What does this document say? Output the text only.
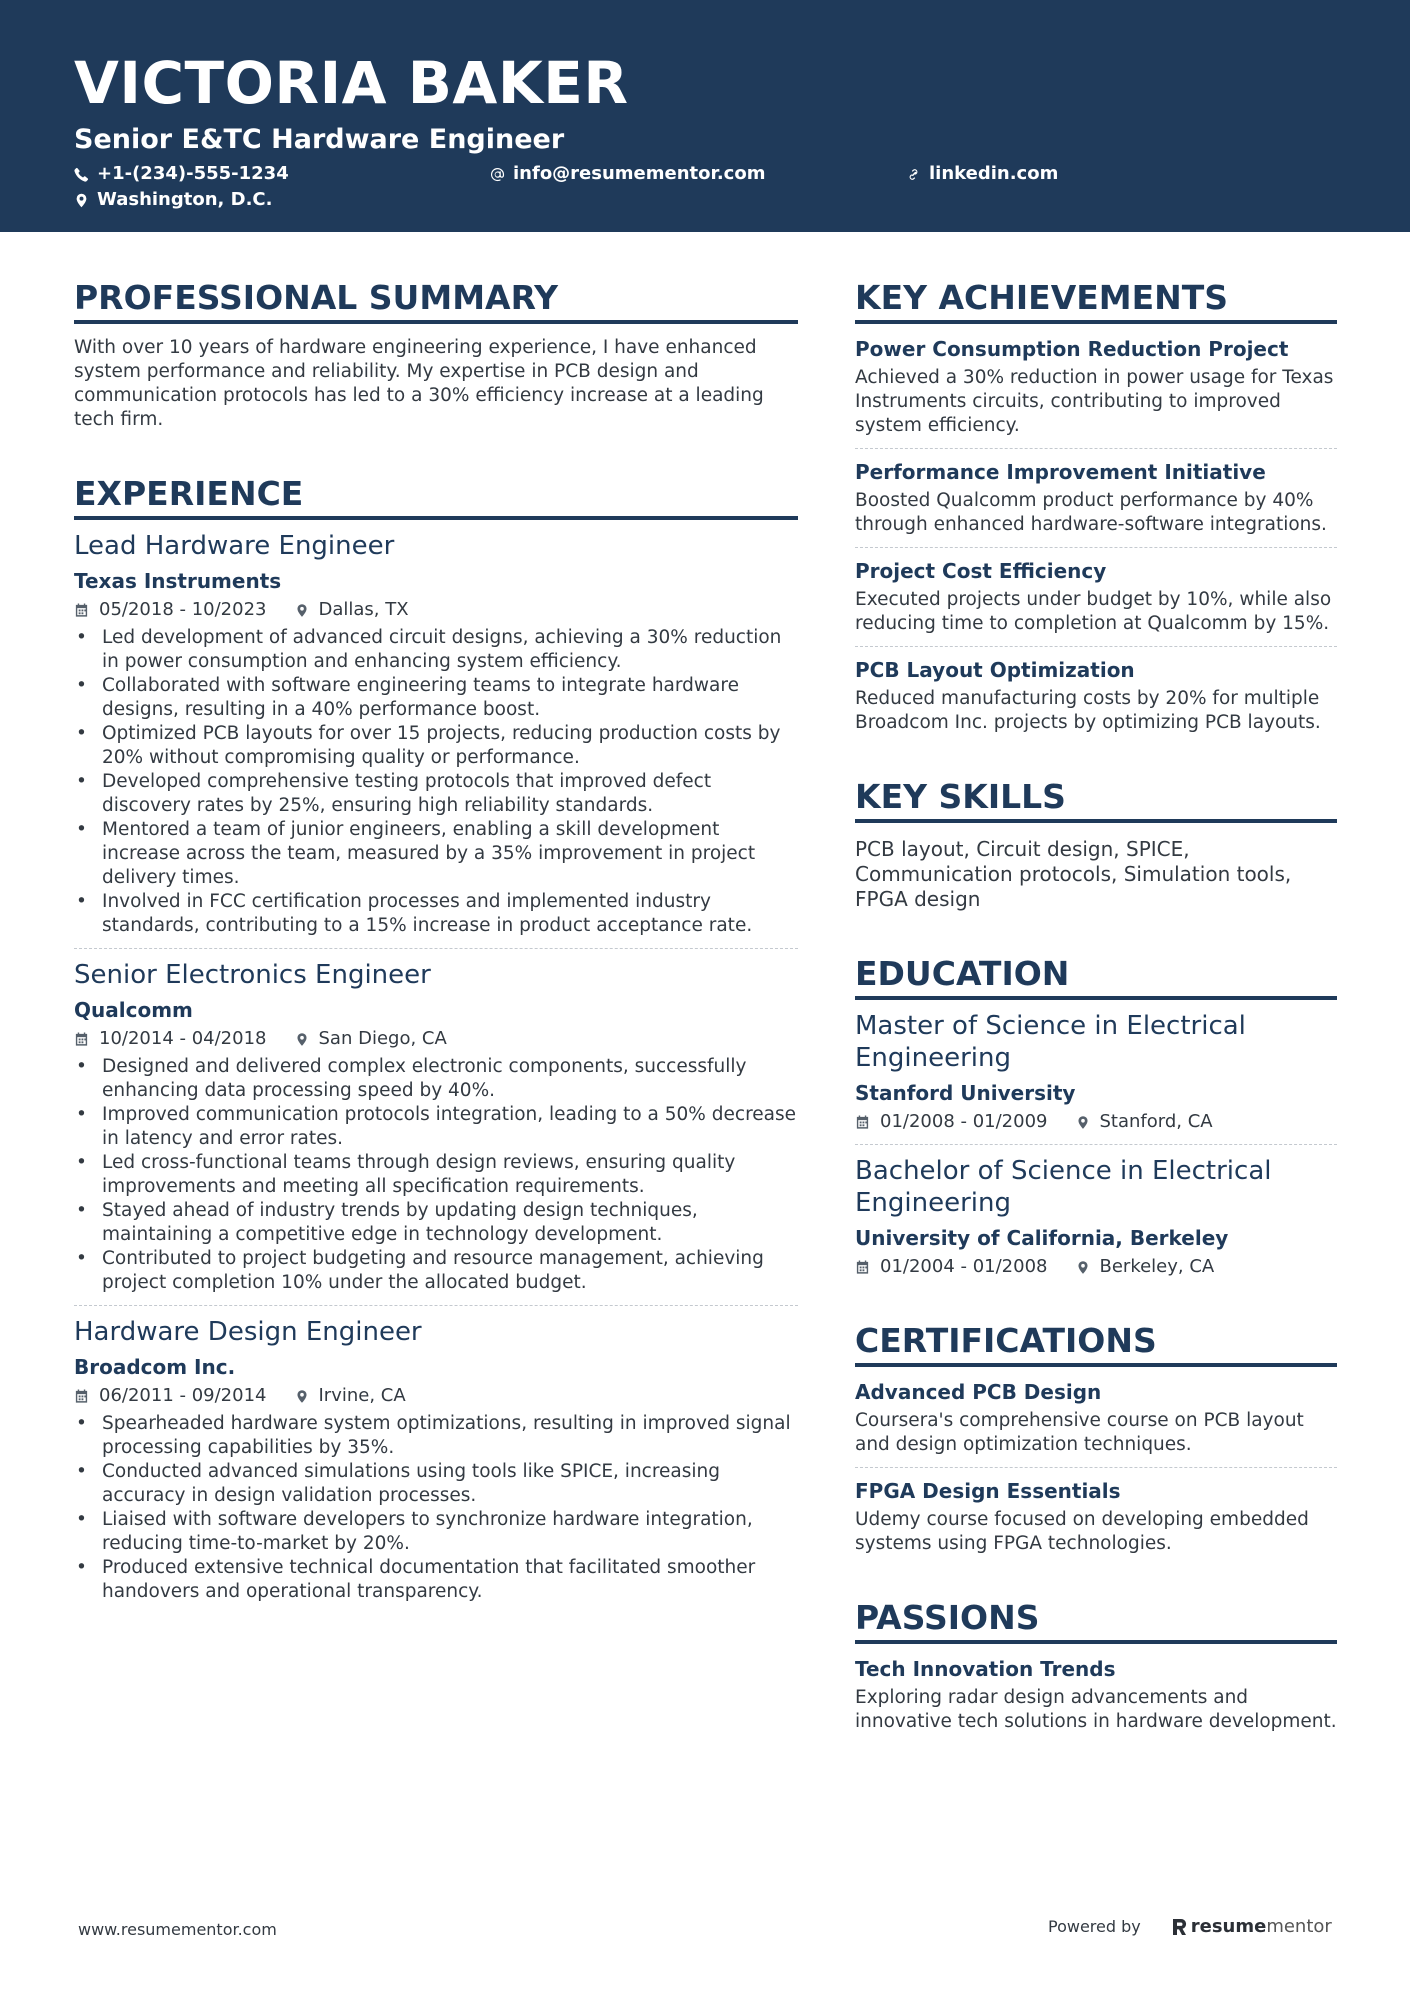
VICTORIA BAKER
Senior E&TC Hardware Engineer
+1-(234)-555-1234	info@resumementor.com	linkedin.com
Washington, D.C.
PROFESSIONAL SUMMARY

With over 10 years of hardware engineering experience, I have enhanced system performance and reliability. My expertise in PCB design and communication protocols has led to a 30% efficiency increase at a leading tech firm.

EXPERIENCE
Lead Hardware Engineer
Texas Instruments
05/2018 - 10/2023	Dallas, TX
• Led development of advanced circuit designs, achieving a 30% reduction in power consumption and enhancing system efficiency.
• Collaborated with software engineering teams to integrate hardware designs, resulting in a 40% performance boost.
• Optimized PCB layouts for over 15 projects, reducing production costs by 20% without compromising quality or performance.
• Developed comprehensive testing protocols that improved defect discovery rates by 25%, ensuring high reliability standards.
• Mentored a team of junior engineers, enabling a skill development increase across the team, measured by a 35% improvement in project delivery times.
• Involved in FCC certification processes and implemented industry standards, contributing to a 15% increase in product acceptance rate.
Senior Electronics Engineer
Qualcomm
10/2014 - 04/2018	San Diego, CA
• Designed and delivered complex electronic components, successfully enhancing data processing speed by 40%.
• Improved communication protocols integration, leading to a 50% decrease in latency and error rates.
• Led cross-functional teams through design reviews, ensuring quality improvements and meeting all specification requirements.
• Stayed ahead of industry trends by updating design techniques, maintaining a competitive edge in technology development.
• Contributed to project budgeting and resource management, achieving project completion 10% under the allocated budget.
Hardware Design Engineer
Broadcom Inc.
06/2011 - 09/2014	Irvine, CA
• Spearheaded hardware system optimizations, resulting in improved signal processing capabilities by 35%.
• Conducted advanced simulations using tools like SPICE, increasing accuracy in design validation processes.
• Liaised with software developers to synchronize hardware integration, reducing time-to-market by 20%.
• Produced extensive technical documentation that facilitated smoother handovers and operational transparency.
KEY ACHIEVEMENTS
Power Consumption Reduction Project
Achieved a 30% reduction in power usage for Texas Instruments circuits, contributing to improved system efficiency.
Performance Improvement Initiative
Boosted Qualcomm product performance by 40% through enhanced hardware-software integrations.
Project Cost Efficiency
Executed projects under budget by 10%, while also reducing time to completion at Qualcomm by 15%.
PCB Layout Optimization
Reduced manufacturing costs by 20% for multiple Broadcom Inc. projects by optimizing PCB layouts.
KEY SKILLS

PCB layout, Circuit design, SPICE, Communication protocols, Simulation tools, FPGA design

EDUCATION
Master of Science in Electrical Engineering
Stanford University
01/2008 - 01/2009	Stanford, CA
Bachelor of Science in Electrical Engineering
University of California, Berkeley
01/2004 - 01/2008	Berkeley, CA
CERTIFICATIONS
Advanced PCB Design
Coursera's comprehensive course on PCB layout and design optimization techniques.
FPGA Design Essentials
Udemy course focused on developing embedded systems using FPGA technologies.
PASSIONS
Tech Innovation Trends
Exploring radar design advancements and innovative tech solutions in hardware development.
www.resumementor.com	Powered by	resume mentor
